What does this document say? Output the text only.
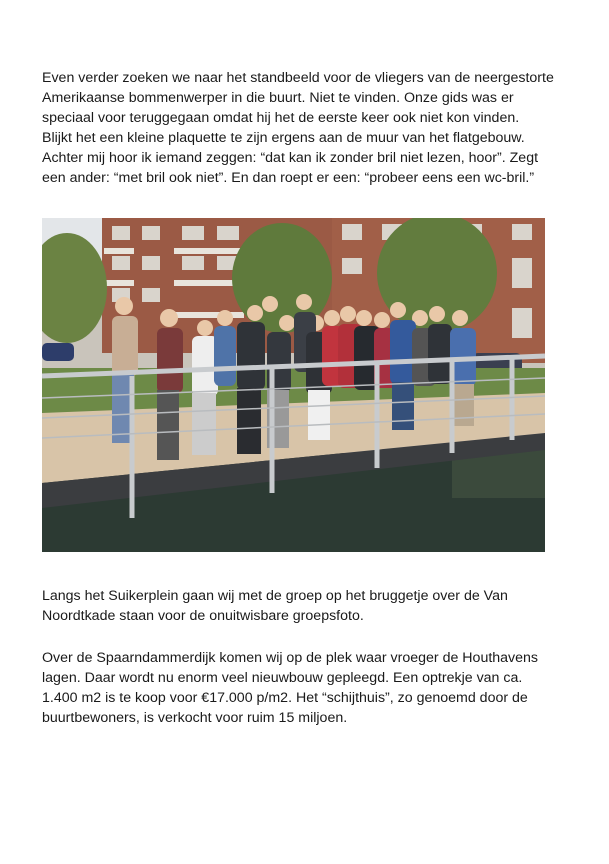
Even verder zoeken we naar het standbeeld voor de vliegers van de neergestorte
Amerikaanse bommenwerper in die buurt. Niet te vinden. Onze gids was er
speciaal voor teruggegaan omdat hij het de eerste keer ook niet kon vinden.
Blijkt het een kleine plaquette te zijn ergens aan de muur van het flatgebouw.
Achter mij hoor ik iemand zeggen: “dat kan ik zonder bril niet lezen, hoor”. Zegt
een ander: “met bril ook niet”. En dan roept er een: “probeer eens een wc-bril.”

Langs het Suikerplein gaan wij met de groep op het bruggetje over de Van
Noordtkade staan voor de onuitwisbare groepsfoto.

Over de Spaarndammerdijk komen wij op de plek waar vroeger de Houthavens
lagen. Daar wordt nu enorm veel nieuwbouw gepleegd. Een optrekje van ca.
1.400 m2 is te koop voor €17.000 p/m2. Het “schijthuis”, zo genoemd door de
buurtbewoners, is verkocht voor ruim 15 miljoen.
